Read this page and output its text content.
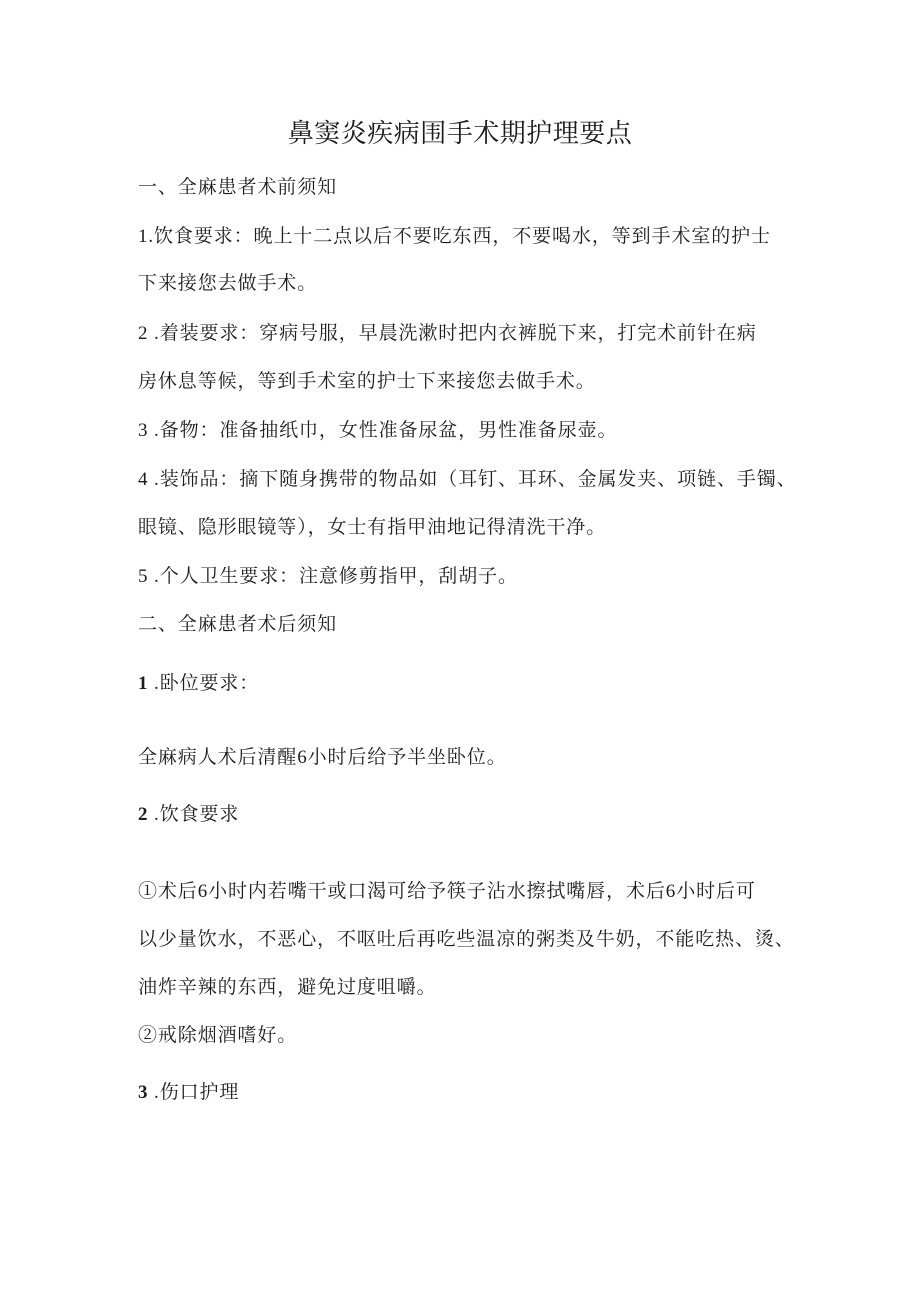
鼻窦炎疾病围手术期护理要点
一、全麻患者术前须知
1.饮食要求：晚上十二点以后不要吃东西，不要喝水，等到手术室的护士
下来接您去做手术。
2 .着装要求：穿病号服，早晨洗漱时把内衣裤脱下来，打完术前针在病
房休息等候，等到手术室的护士下来接您去做手术。
3 .备物：准备抽纸巾，女性准备尿盆，男性准备尿壶。
4 .装饰品：摘下随身携带的物品如（耳钉、耳环、金属发夹、项链、手镯、
眼镜、隐形眼镜等），女士有指甲油地记得清洗干净。
5 .个人卫生要求：注意修剪指甲，刮胡子。
二、全麻患者术后须知
1 .卧位要求：
全麻病人术后清醒6小时后给予半坐卧位。
2 .饮食要求
①术后6小时内若嘴干或口渴可给予筷子沾水擦拭嘴唇，术后6小时后可
以少量饮水，不恶心，不呕吐后再吃些温凉的粥类及牛奶，不能吃热、烫、
油炸辛辣的东西，避免过度咀嚼。
②戒除烟酒嗜好。
3 .伤口护理
